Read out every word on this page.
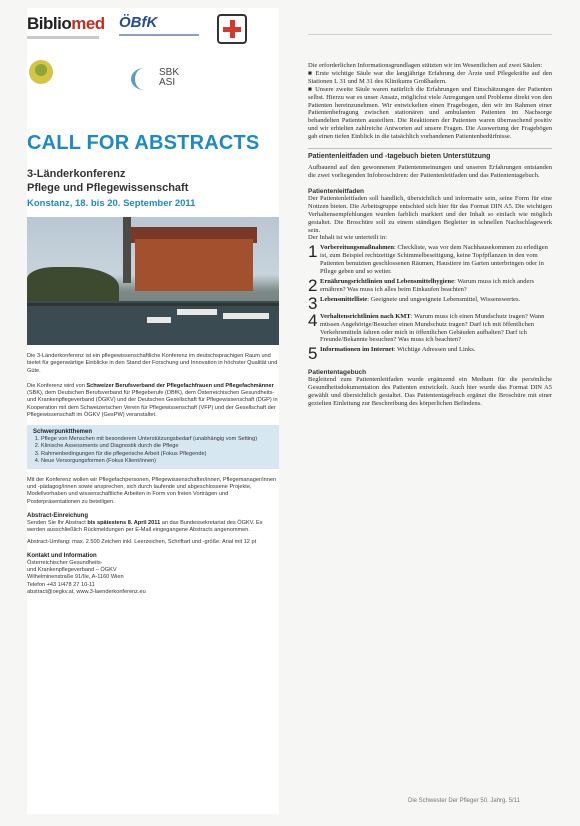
Bibliomed ÖBfK
SBK
ASI
CALL FOR ABSTRACTS
3-Länderkonferenz
Pflege und Pflegewissenschaft
Konstanz, 18. bis 20. September 2011

Die 3-Länderkonferenz ist ein pflegewissenschaftliche Konferenz im deutschsprachigen Raum und bietet für gegenwärtige Einblicke in den Stand der Forschung und Innovation in höchster Qualität und Güte.

Die Konferenz wird von Schweizer Berufsverband der Pflegefachfrauen und Pflegefachmänner (SBK), dem Deutschen Berufsverband für Pflegeberufe (DBfK), dem Österreichischen Gesundheits- und Krankenpflegeverband (ÖGKV) und der Deutschen Gesellschaft für Pflegewissenschaft (DGP) in Kooperation mit dem Schweizerischen Verein für Pflegewissenschaft (VFP) und der Gesellschaft der Pflegewissenschaft im ÖGKV (GesPW) veranstaltet.

Schwerpunktthemen
1. Pflege von Menschen mit besonderem Unterstützungsbedarf (unabhängig vom Setting)
2. Klinische Assessments und Diagnostik durch die Pflege
3. Rahmenbedingungen für die pflegerische Arbeit (Fokus Pflegende)
4. Neue Versorgungsformen (Fokus Klient/innen)

Mit der Konferenz wollen wir Pflegefachpersonen, Pflegewissenschafter/innen, Pflegemanager/innen und -pädagog/innen sowie ansprechen, sich durch laufende und abgeschlossene Projekte, Modellvorhaben und wissenschaftliche Arbeiten in Form von freien Vorträgen und Posterpräsentationen zu beteiligen.

Abstract-Einreichung

Senden Sie Ihr Abstract bis spätestens 8. April 2011 an das Bundessekretariat des ÖGKV. Es werden ausschließlich Rückmeldungen per E-Mail eingegangene Abstracts angenommen.

Abstract-Umfang: max. 2.500 Zeichen inkl. Leerzeichen, Schriftart und -größe: Arial mit 12 pt

Kontakt und Information

Österreichischer Gesundheits-
und Krankenpflegeverband – ÖGKV
Wilhelminenstraße 91/IIe, A-1160 Wien
Telefon +43 1/478 27 10-11
abstract@oegkv.at, www.3-laenderkonferenz.eu

Die erforderlichen Informationsgrundlagen stützten wir im Wesentlichen auf zwei Säulen:

■ Erste wichtige Säule war die langjährige Erfahrung der Ärzte und Pflegekräfte auf den Stationen L 31 und M 31 des Klinikums Großhadern.

■ Unsere zweite Säule waren natürlich die Erfahrungen und Einschätzungen der Patienten selbst. Hierzu war es unser Ansatz, möglichst viele Anregungen und Probleme direkt von den Patienten hereinzunehmen. Wir entwickelten einen Fragebogen, den wir im Rahmen einer Patientenbefragung zwischen stationären und ambulanten Patienten im Nachsorge behandelten Patienten austeilten. Die Reaktionen der Patienten waren überraschend positiv und wir erhielten zahlreiche Antworten auf unsere Fragen. Die Auswertung der Fragebögen gab einen tiefen Einblick in die tatsächlich vorhandenen Patientenbedürfnisse.

Patientenleitfaden und -tagebuch bieten Unterstützung

Aufbauend auf den gewonnenen Patientenmeinungen und unseren Erfahrungen entstanden die zwei vorliegenden Infobroschüren: der Patientenleitfaden und das Patiententagebuch.

Patientenleitfaden

Der Patientenleitfaden soll handlich, übersichtlich und informativ sein, seine Form für eine Notizen bieten. Die Arbeitsgruppe entschied sich hier für das Format DIN A5. Die wichtigen Verhaltensempfehlungen wurden farblich markiert und der Inhalt so einfach wie möglich gestaltet. Die Broschüre soll zu einem ständigen Begleiter in schnellen Nachschlagewerk sein.

Der Inhalt ist wie unterteilt in:

1 Vorbereitungsmaßnahmen: Checkliste, was vor dem Nachhausekommen zu erledigen ist, zum Beispiel rechtzeitige Schimmelbeseitigung, keine Topfpflanzen in den vom Patienten benutzten geschlossenen Räumen, Haustiere im Garten unterbringen oder in Pflege geben und so weiter.
2 Ernährungsrichtlinien und Lebensmittelhygiene: Warum muss ich mich anders ernähren? Was muss ich alles beim Einkaufen beachten?
3 Lebensmittelliste: Geeignete und ungeeignete Lebensmittel, Wissenswertes.
4 Verhaltensrichtlinien nach KMT: Warum muss ich einen Mundschutz tragen? Wann müssen Angehörige/Besucher einen Mundschutz tragen? Darf ich mit öffentlichen Verkehrsmitteln fahren oder mich in öffentlichen Gebäuden aufhalten? Darf ich Freunde/Bekannte besuchen? Was muss ich beachten?
5 Informationen im Internet: Wichtige Adressen und Links.
Patiententagebuch

Begleitend zum Patientenleitfaden wurde ergänzend ein Medium für die persönliche Gesundheitsdokumentation des Patienten entwickelt. Auch hier wurde das Format DIN A5 gewählt und übersichtlich gestaltet. Das Patiententagebuch ergänzt die Broschüre mit einer gezielten Einleitung zur Beschreibung des körperlichen Befindens.

Die Schwester Der Pfleger 50. Jahrg. 5/11
